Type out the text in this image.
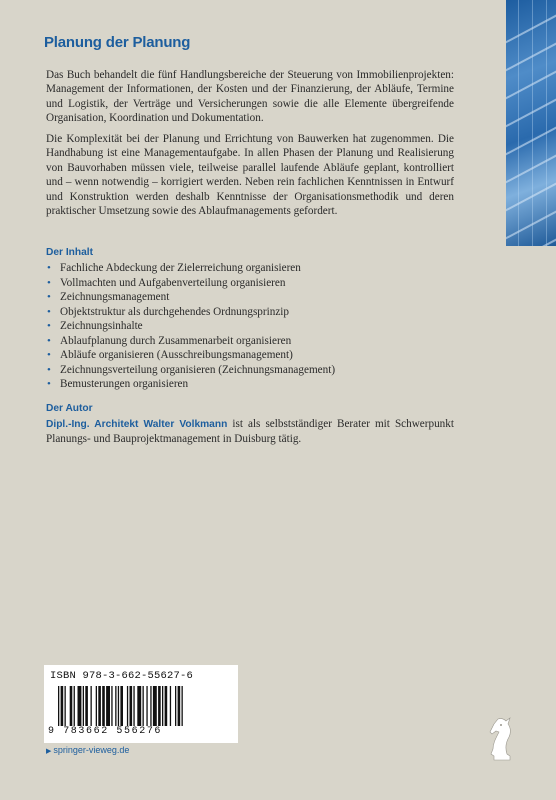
Planung der Planung

Das Buch behandelt die fünf Handlungsbereiche der Steuerung von Immobilienprojekten: Management der Informationen, der Kosten und der Finanzierung, der Abläufe, Termine und Logistik, der Verträge und Versicherungen sowie die alle Elemente übergreifende Organisation, Koordination und Dokumentation.

Die Komplexität bei der Planung und Errichtung von Bauwerken hat zugenommen. Die Handhabung ist eine Managementaufgabe. In allen Phasen der Planung und Realisierung von Bauvorhaben müssen viele, teilweise parallel laufende Abläufe geplant, kontrolliert und – wenn notwendig – korrigiert werden. Neben rein fachlichen Kenntnissen in Entwurf und Konstruktion werden deshalb Kenntnisse der Organisationsmethodik und deren praktischer Umsetzung sowie des Ablaufmanagements gefordert.

Der Inhalt
• Fachliche Abdeckung der Zielerreichung organisieren
• Vollmachten und Aufgabenverteilung organisieren
• Zeichnungsmanagement
• Objektstruktur als durchgehendes Ordnungsprinzip
• Zeichnungsinhalte
• Ablaufplanung durch Zusammenarbeit organisieren
• Abläufe organisieren (Ausschreibungsmanagement)
• Zeichnungsverteilung organisieren (Zeichnungsmanagement)
• Bemusterungen organisieren
Der Autor

Dipl.-Ing. Architekt Walter Volkmann ist als selbstständiger Berater mit Schwerpunkt Planungs- und Bauprojektmanagement in Duisburg tätig.

ISBN 978-3-662-55627-6
9 783662 556276
▶ springer-vieweg.de
